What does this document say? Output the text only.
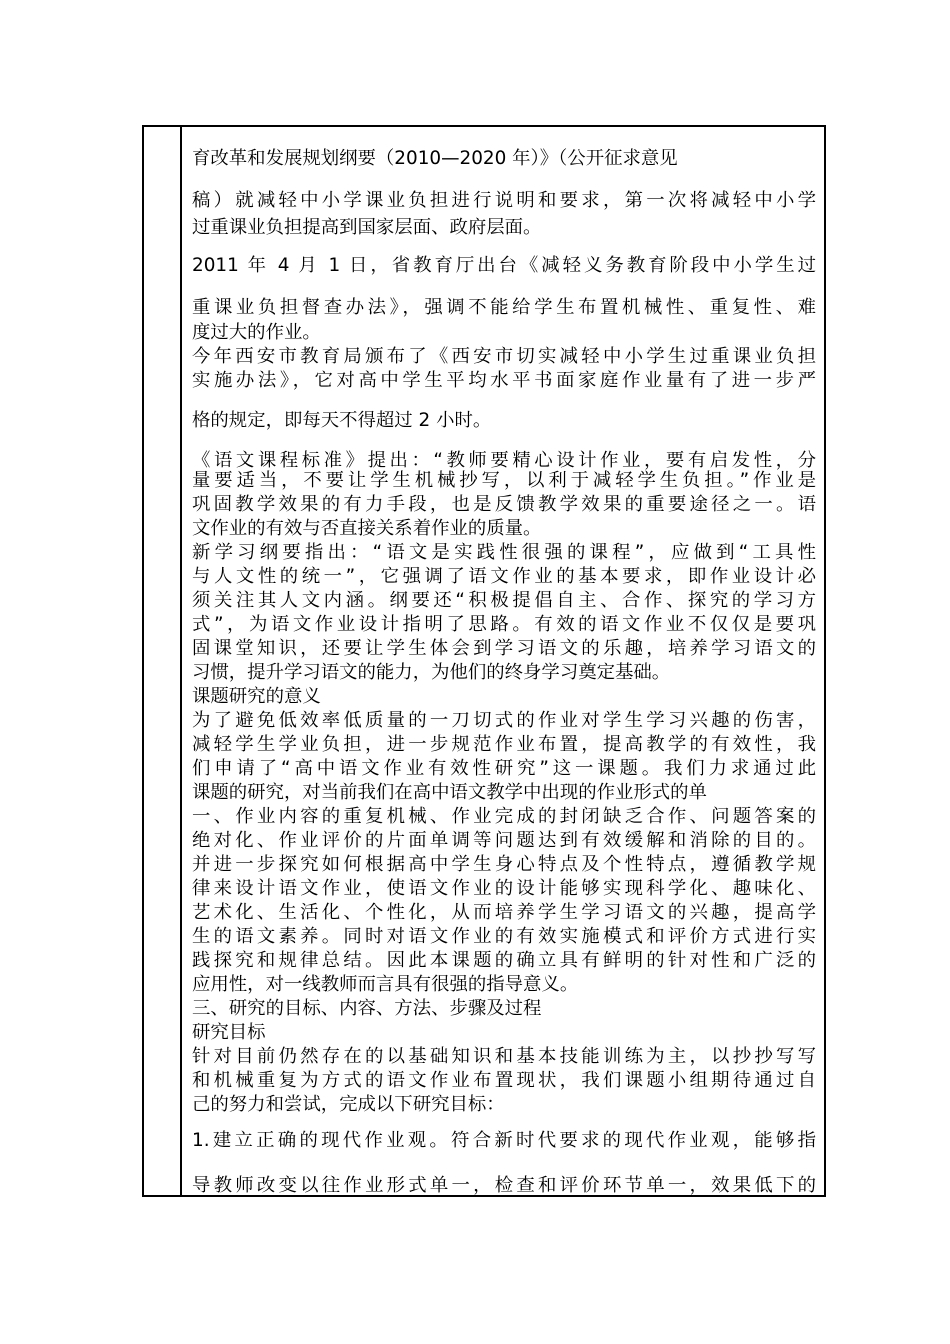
育改革和发展规划纲要（2010—2020 年）》（公开征求意见
稿）就减轻中小学课业负担进行说明和要求，第一次将减轻中小学
过重课业负担提高到国家层面、政府层面。
2011 年 4 月 1 日，省教育厅出台《减轻义务教育阶段中小学生过
重课业负担督查办法》，强调不能给学生布置机械性、重复性、难
度过大的作业。
今年西安市教育局颁布了《西安市切实减轻中小学生过重课业负担
实施办法》，它对高中学生平均水平书面家庭作业量有了进一步严
格的规定，即每天不得超过 2 小时。
《语文课程标准》提出：“教师要精心设计作业，要有启发性，分
量要适当，不要让学生机械抄写，以利于减轻学生负担。”作业是
巩固教学效果的有力手段，也是反馈教学效果的重要途径之一。语
文作业的有效与否直接关系着作业的质量。
新学习纲要指出：“语文是实践性很强的课程”，应做到“工具性
与人文性的统一”，它强调了语文作业的基本要求，即作业设计必
须关注其人文内涵。纲要还“积极提倡自主、合作、探究的学习方
式”，为语文作业设计指明了思路。有效的语文作业不仅仅是要巩
固课堂知识，还要让学生体会到学习语文的乐趣，培养学习语文的
习惯，提升学习语文的能力，为他们的终身学习奠定基础。
课题研究的意义
为了避免低效率低质量的一刀切式的作业对学生学习兴趣的伤害，
减轻学生学业负担，进一步规范作业布置，提高教学的有效性，我
们申请了“高中语文作业有效性研究”这一课题。我们力求通过此
课题的研究，对当前我们在高中语文教学中出现的作业形式的单
一、作业内容的重复机械、作业完成的封闭缺乏合作、问题答案的
绝对化、作业评价的片面单调等问题达到有效缓解和消除的目的。
并进一步探究如何根据高中学生身心特点及个性特点，遵循教学规
律来设计语文作业，使语文作业的设计能够实现科学化、趣味化、
艺术化、生活化、个性化，从而培养学生学习语文的兴趣，提高学
生的语文素养。同时对语文作业的有效实施模式和评价方式进行实
践探究和规律总结。因此本课题的确立具有鲜明的针对性和广泛的
应用性，对一线教师而言具有很强的指导意义。
三、研究的目标、内容、方法、步骤及过程
研究目标
针对目前仍然存在的以基础知识和基本技能训练为主，以抄抄写写
和机械重复为方式的语文作业布置现状，我们课题小组期待通过自
己的努力和尝试，完成以下研究目标：
1.建立正确的现代作业观。符合新时代要求的现代作业观，能够指
导教师改变以往作业形式单一，检查和评价环节单一，效果低下的
